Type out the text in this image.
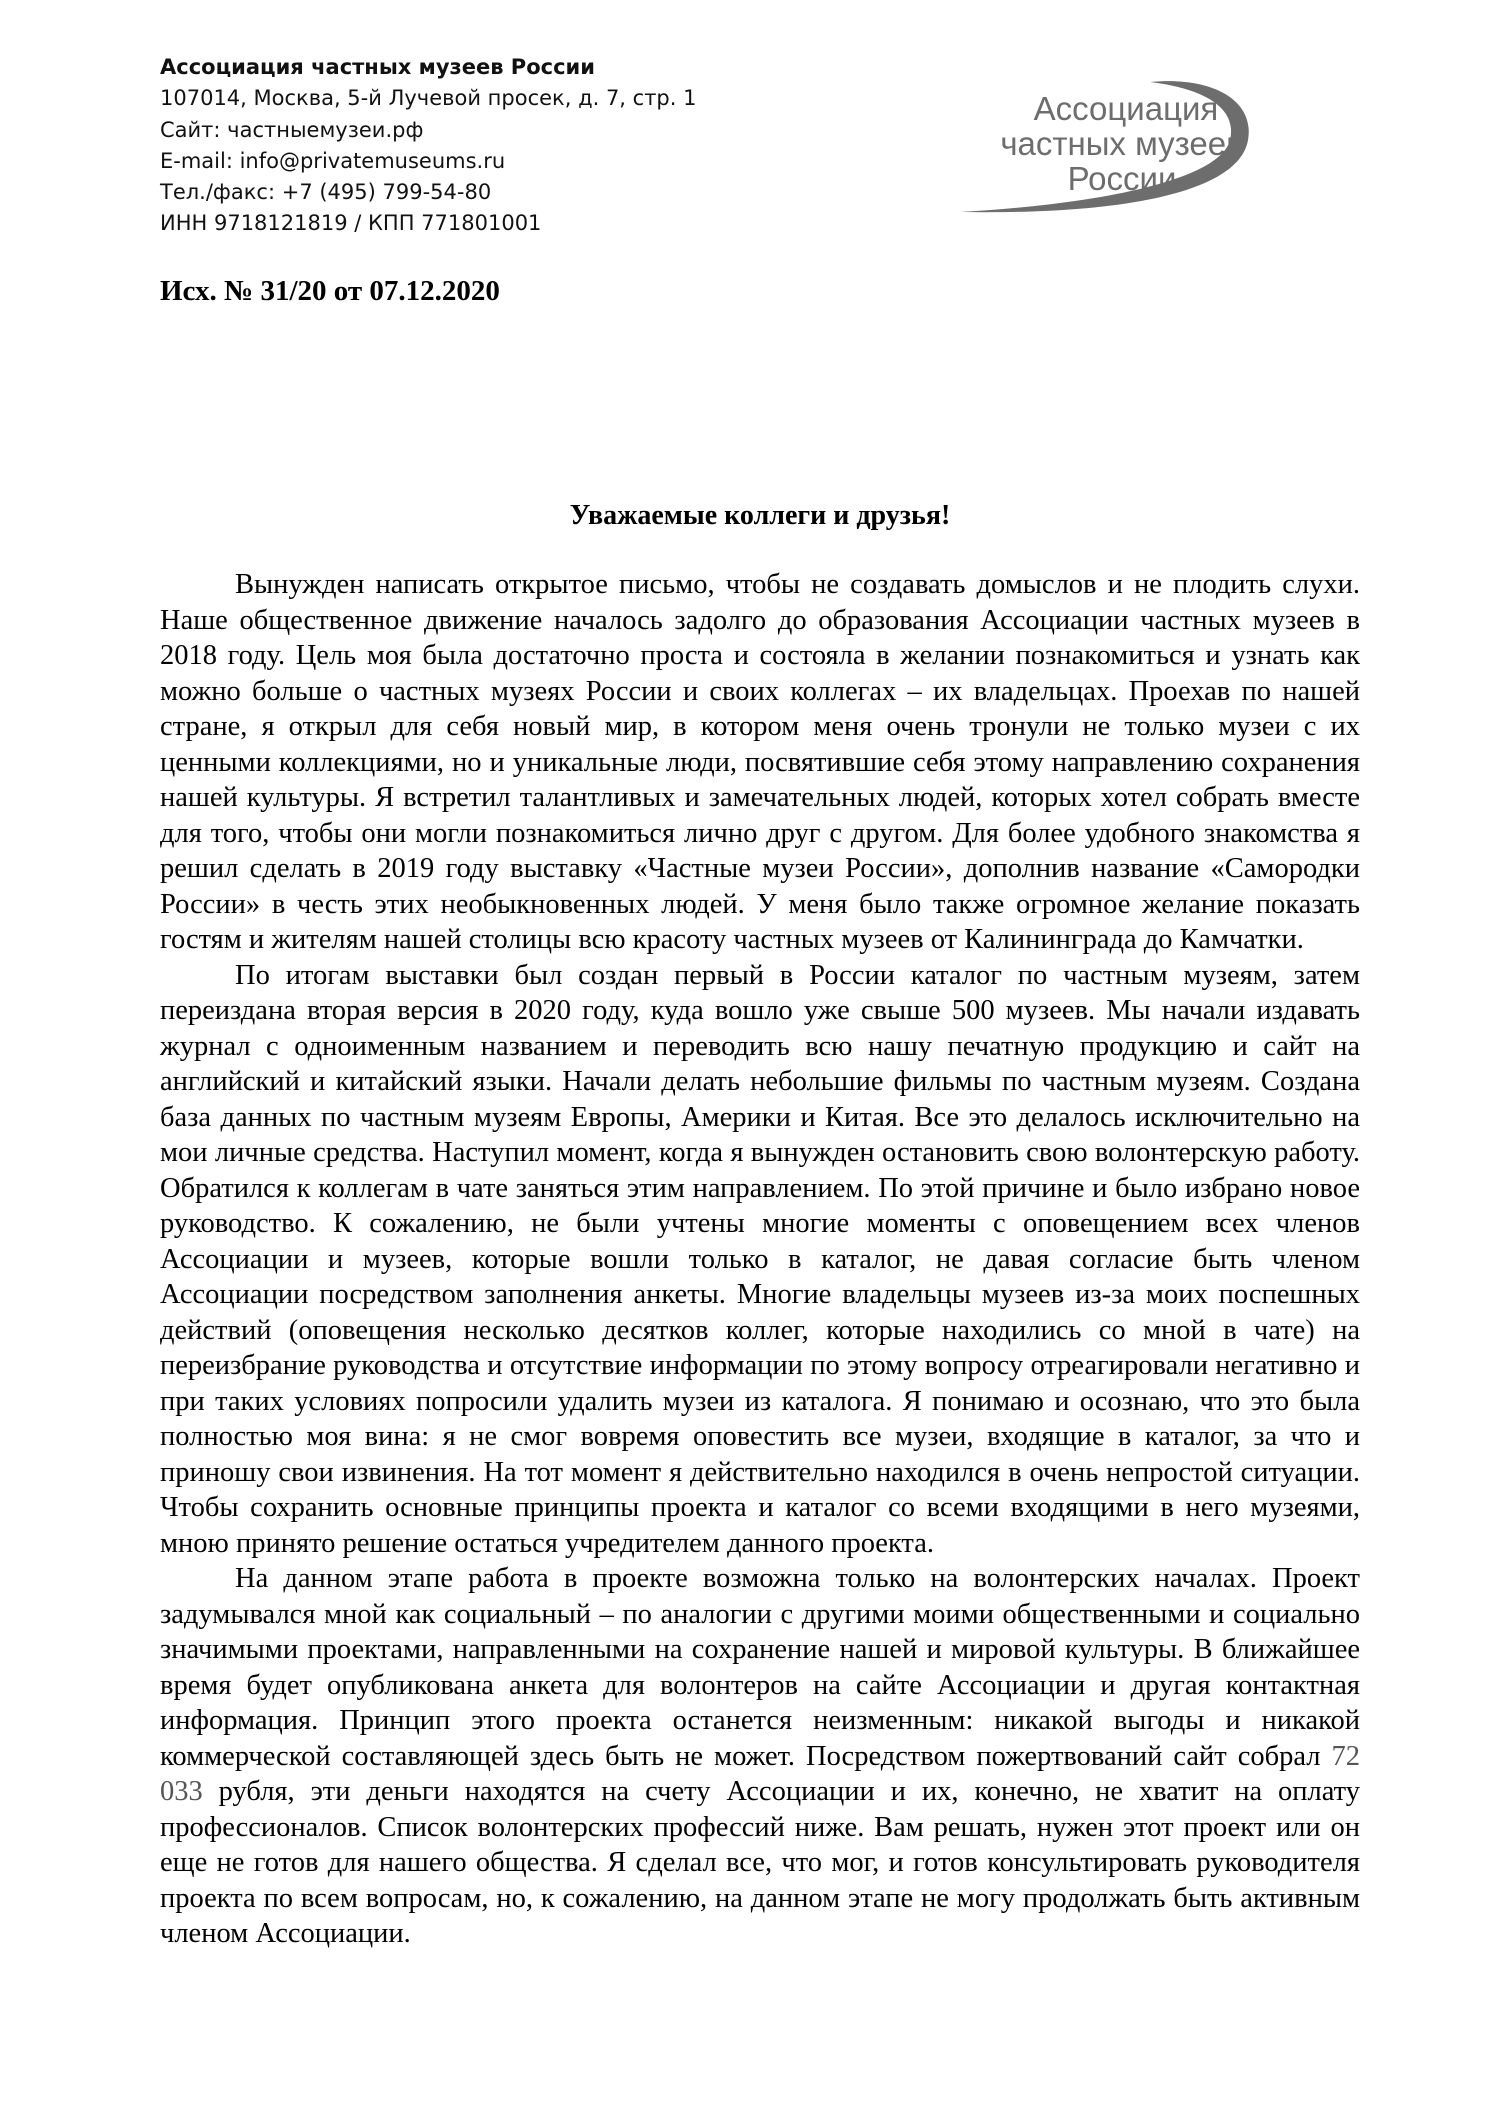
Ассоциация частных музеев России
107014, Москва, 5-й Лучевой просек, д. 7, стр. 1
Сайт: частныемузеи.рф
E-mail: info@privatemuseums.ru
Тел./факс: +7 (495) 799-54-80
ИНН 9718121819 / КПП 771801001
Ассоциация
частных музеев
России
Исх. № 31/20 от 07.12.2020
Уважаемые коллеги и друзья!

Вынужден написать открытое письмо, чтобы не создавать домыслов и не плодить слухи. Наше общественное движение началось задолго до образования Ассоциации частных музеев в 2018 году. Цель моя была достаточно проста и состояла в желании познакомиться и узнать как можно больше о частных музеях России и своих коллегах – их владельцах. Проехав по нашей стране, я открыл для себя новый мир, в котором меня очень тронули не только музеи с их ценными коллекциями, но и уникальные люди, посвятившие себя этому направлению сохранения нашей культуры. Я встретил талантливых и замечательных людей, которых хотел собрать вместе для того, чтобы они могли познакомиться лично друг с другом. Для более удобного знакомства я решил сделать в 2019 году выставку «Частные музеи России», дополнив название «Самородки России» в честь этих необыкновенных людей. У меня было также огромное желание показать гостям и жителям нашей столицы всю красоту частных музеев от Калининграда до Камчатки.

По итогам выставки был создан первый в России каталог по частным музеям, затем переиздана вторая версия в 2020 году, куда вошло уже свыше 500 музеев. Мы начали издавать журнал с одноименным названием и переводить всю нашу печатную продукцию и сайт на английский и китайский языки. Начали делать небольшие фильмы по частным музеям. Создана база данных по частным музеям Европы, Америки и Китая. Все это делалось исключительно на мои личные средства. Наступил момент, когда я вынужден остановить свою волонтерскую работу. Обратился к коллегам в чате заняться этим направлением. По этой причине и было избрано новое руководство. К сожалению, не были учтены многие моменты с оповещением всех членов Ассоциации и музеев, которые вошли только в каталог, не давая согласие быть членом Ассоциации посредством заполнения анкеты. Многие владельцы музеев из-за моих поспешных действий (оповещения несколько десятков коллег, которые находились со мной в чате) на переизбрание руководства и отсутствие информации по этому вопросу отреагировали негативно и при таких условиях попросили удалить музеи из каталога. Я понимаю и осознаю, что это была полностью моя вина: я не смог вовремя оповестить все музеи, входящие в каталог, за что и приношу свои извинения. На тот момент я действительно находился в очень непростой ситуации. Чтобы сохранить основные принципы проекта и каталог со всеми входящими в него музеями, мною принято решение остаться учредителем данного проекта.

На данном этапе работа в проекте возможна только на волонтерских началах. Проект задумывался мной как социальный – по аналогии с другими моими общественными и социально значимыми проектами, направленными на сохранение нашей и мировой культуры. В ближайшее время будет опубликована анкета для волонтеров на сайте Ассоциации и другая контактная информация. Принцип этого проекта останется неизменным: никакой выгоды и никакой коммерческой составляющей здесь быть не может. Посредством пожертвований сайт собрал 72 033 рубля, эти деньги находятся на счету Ассоциации и их, конечно, не хватит на оплату профессионалов. Список волонтерских профессий ниже. Вам решать, нужен этот проект или он еще не готов для нашего общества. Я сделал все, что мог, и готов консультировать руководителя проекта по всем вопросам, но, к сожалению, на данном этапе не могу продолжать быть активным членом Ассоциации.
